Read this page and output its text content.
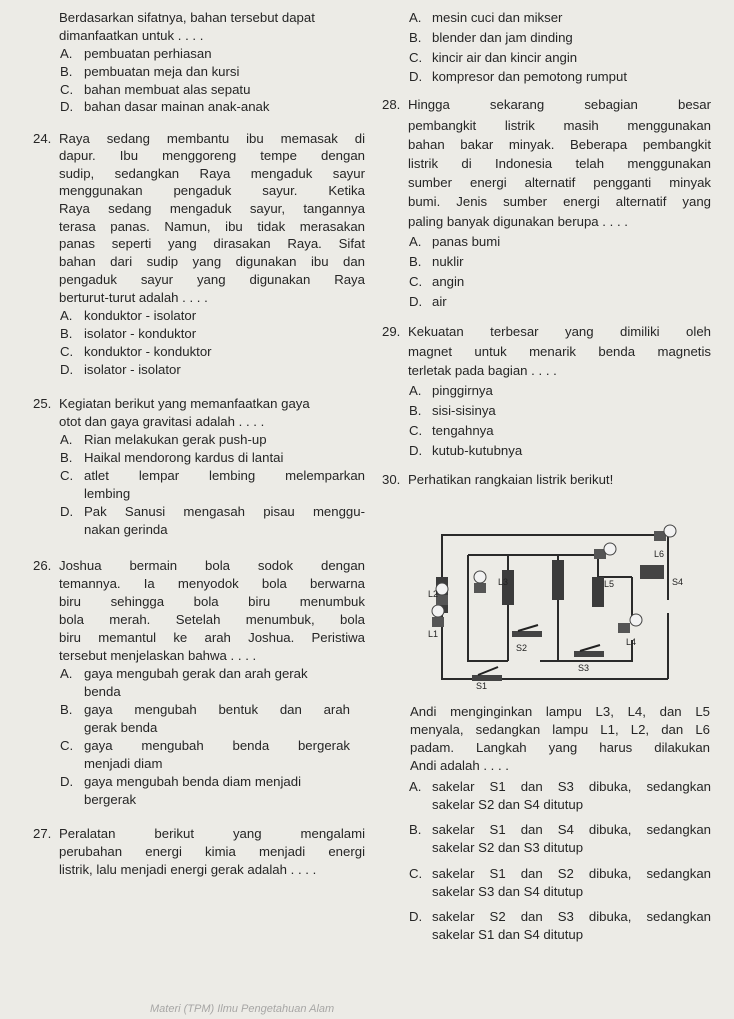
Berdasarkan sifatnya, bahan tersebut dapat
dimanfaatkan untuk . . . .
A. pembuatan perhiasan
B. pembuatan meja dan kursi
C. bahan membuat alas sepatu
D. bahan dasar mainan anak-anak
24. Raya sedang membantu ibu memasak di
dapur. Ibu menggoreng tempe dengan
sudip, sedangkan Raya mengaduk sayur
menggunakan pengaduk sayur. Ketika
Raya sedang mengaduk sayur, tangannya
terasa panas. Namun, ibu tidak merasakan
panas seperti yang dirasakan Raya. Sifat
bahan dari sudip yang digunakan ibu dan
pengaduk sayur yang digunakan Raya
berturut-turut adalah . . . .
A. konduktor - isolator
B. isolator - konduktor
C. konduktor - konduktor
D. isolator - isolator
25. Kegiatan berikut yang memanfaatkan gaya
otot dan gaya gravitasi adalah . . . .
A. Rian melakukan gerak push-up
B. Haikal mendorong kardus di lantai
C. atlet lempar lembing melemparkan
lembing
D. Pak Sanusi mengasah pisau menggu-
nakan gerinda
26. Joshua bermain bola sodok dengan
temannya. Ia menyodok bola berwarna
biru sehingga bola biru menumbuk
bola merah. Setelah menumbuk, bola
biru memantul ke arah Joshua. Peristiwa
tersebut menjelaskan bahwa . . . .
A. gaya mengubah gerak dan arah gerak
benda
B. gaya mengubah bentuk dan arah
gerak benda
C. gaya mengubah benda bergerak
menjadi diam
D. gaya mengubah benda diam menjadi
bergerak
27. Peralatan berikut yang mengalami
perubahan energi kimia menjadi energi
listrik, lalu menjadi energi gerak adalah . . . .
A. mesin cuci dan mikser
B. blender dan jam dinding
C. kincir air dan kincir angin
D. kompresor dan pemotong rumput
28. Hingga sekarang sebagian besar
pembangkit listrik masih menggunakan
bahan bakar minyak. Beberapa pembangkit
listrik di Indonesia telah menggunakan
sumber energi alternatif pengganti minyak
bumi. Jenis sumber energi alternatif yang
paling banyak digunakan berupa . . . .
A. panas bumi
B. nuklir
C. angin
D. air
29. Kekuatan terbesar yang dimiliki oleh
magnet untuk menarik benda magnetis
terletak pada bagian . . . .
A. pinggirnya
B. sisi-sisinya
C. tengahnya
D. kutub-kutubnya
30. Perhatikan rangkaian listrik berikut!
L1
L2
L3
L4
L5
L6
S1
S2
S3
S4
Andi menginginkan lampu L3, L4, dan L5
menyala, sedangkan lampu L1, L2, dan L6
padam. Langkah yang harus dilakukan
Andi adalah . . . .
A. sakelar S1 dan S3 dibuka, sedangkan
sakelar S2 dan S4 ditutup
B. sakelar S1 dan S4 dibuka, sedangkan
sakelar S2 dan S3 ditutup
C. sakelar S1 dan S2 dibuka, sedangkan
sakelar S3 dan S4 ditutup
D. sakelar S2 dan S3 dibuka, sedangkan
sakelar S1 dan S4 ditutup
Materi (TPM) Ilmu Pengetahuan Alam
